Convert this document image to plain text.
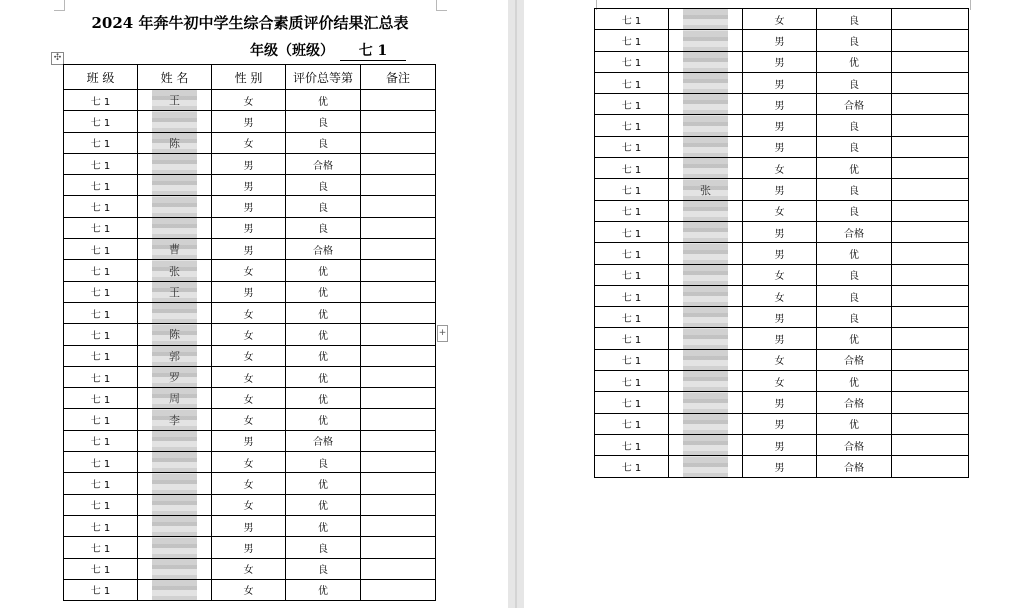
2024 年奔牛初中学生综合素质评价结果汇总表
年级（班级） 七 1
✣
+
班 级	姓 名	性 别	评价总等第	备注
七 1	王	女	优	
七 1		男	良	
七 1	陈	女	良	
七 1		男	合格	
七 1		男	良	
七 1		男	良	
七 1		男	良	
七 1	曹	男	合格	
七 1	张	女	优	
七 1	王	男	优	
七 1		女	优	
七 1	陈	女	优	
七 1	郭	女	优	
七 1	罗	女	优	
七 1	周	女	优	
七 1	李	女	优	
七 1		男	合格	
七 1		女	良	
七 1		女	优	
七 1		女	优	
七 1		男	优	
七 1		男	良	
七 1		女	良	
七 1		女	优	
七 1		女	良	
七 1		男	良	
七 1		男	优	
七 1		男	良	
七 1		男	合格	
七 1		男	良	
七 1		男	良	
七 1		女	优	
七 1	张	男	良	
七 1		女	良	
七 1		男	合格	
七 1		男	优	
七 1		女	良	
七 1		女	良	
七 1		男	良	
七 1		男	优	
七 1		女	合格	
七 1		女	优	
七 1		男	合格	
七 1		男	优	
七 1		男	合格	
七 1		男	合格	
